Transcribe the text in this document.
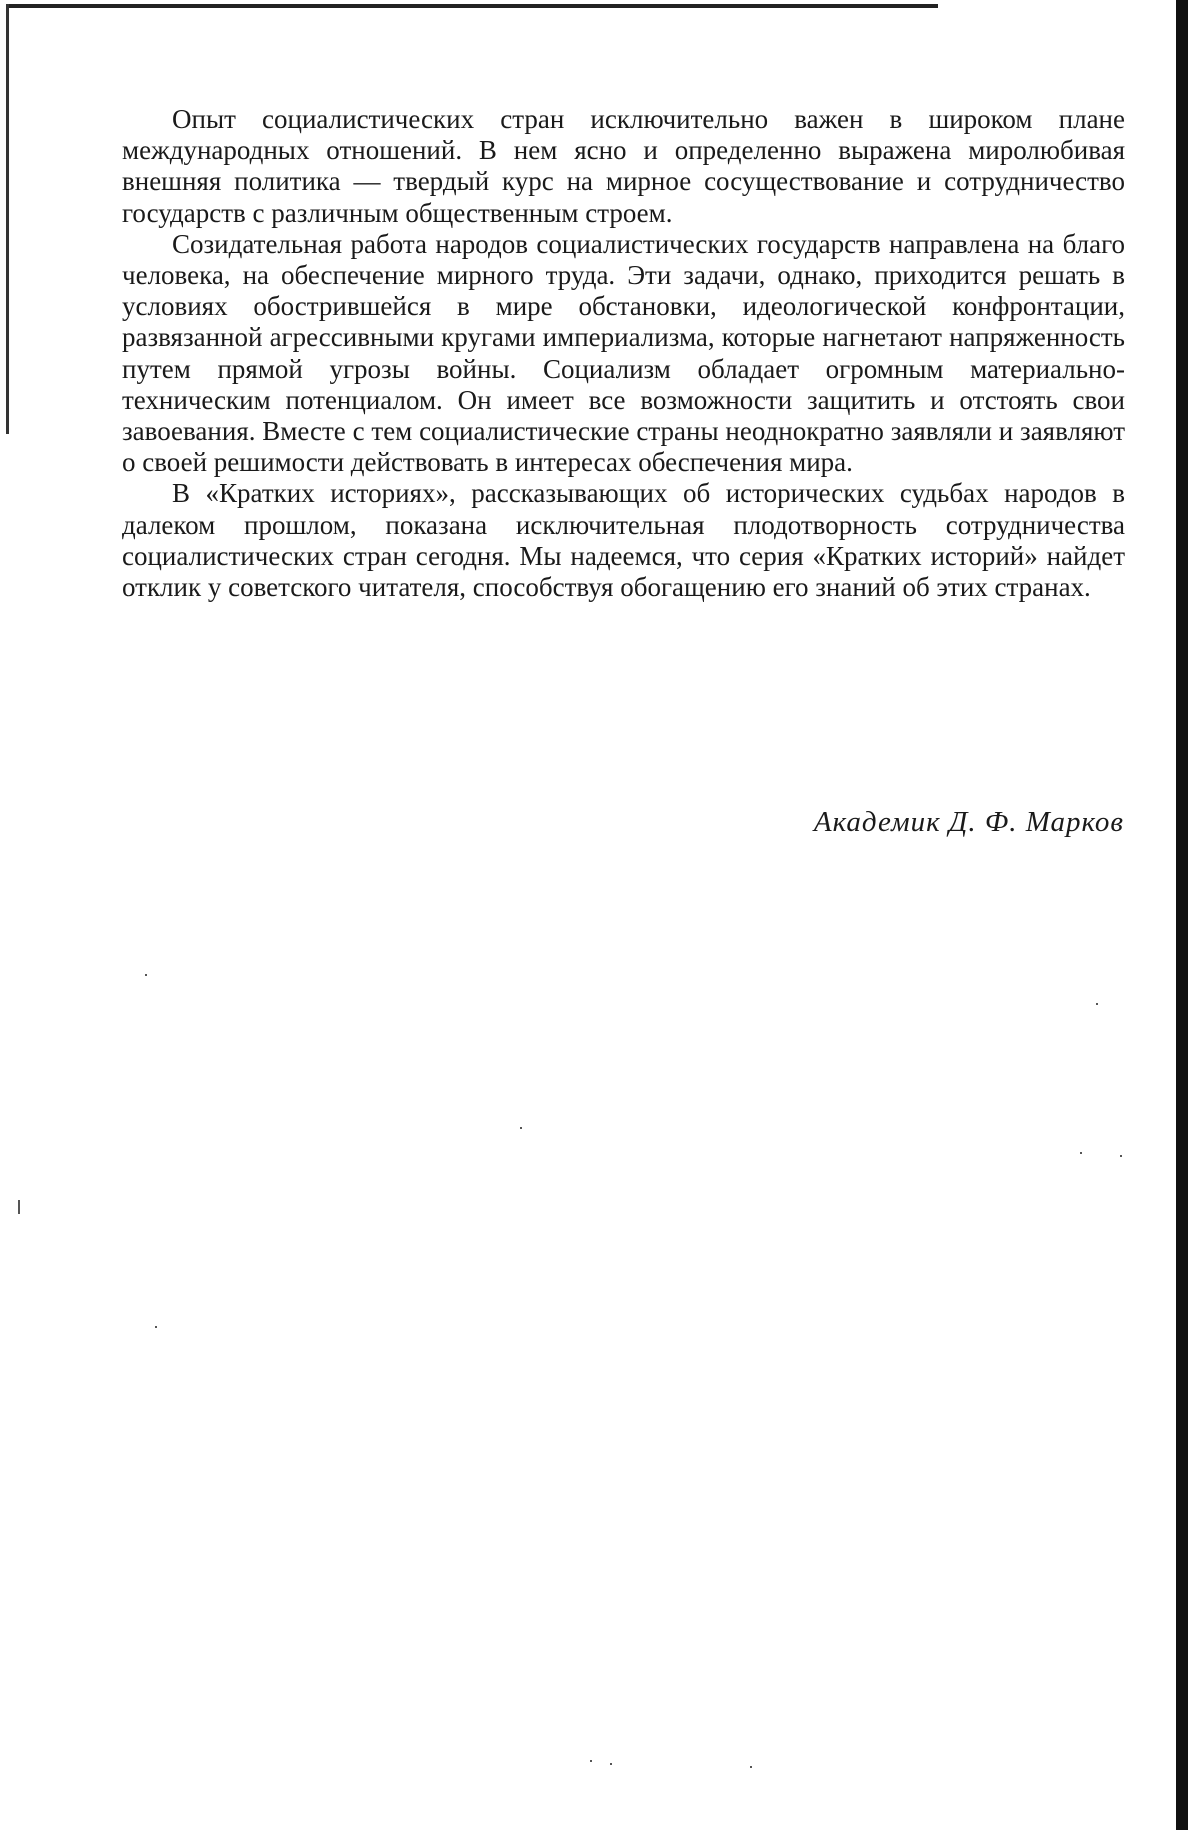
Опыт социалистических стран исключительно важен в широком плане международных отношений. В нем ясно и определенно выражена миролюбивая внешняя политика — твердый курс на мирное сосуществование и сотрудничество государств с различным общественным строем.

Созидательная работа народов социалистических государств направлена на благо человека, на обеспечение мирного труда. Эти задачи, однако, приходится решать в условиях обострившейся в мире обстановки, идеологической конфронтации, развязанной агрессивными кругами империализма, которые нагнетают напряженность путем прямой угрозы войны. Социализм обладает огромным материально-техническим потенциалом. Он имеет все возможности защитить и отстоять свои завоевания. Вместе с тем социалистические страны неоднократно заявляли и заявляют о своей решимости действовать в интересах обеспечения мира.

В «Кратких историях», рассказывающих об исторических судьбах народов в далеком прошлом, показана исключительная плодотворность сотрудничества социалистических стран сегодня. Мы надеемся, что серия «Кратких историй» найдет отклик у советского читателя, способствуя обогащению его знаний об этих странах.

Академик Д. Ф. Марков
